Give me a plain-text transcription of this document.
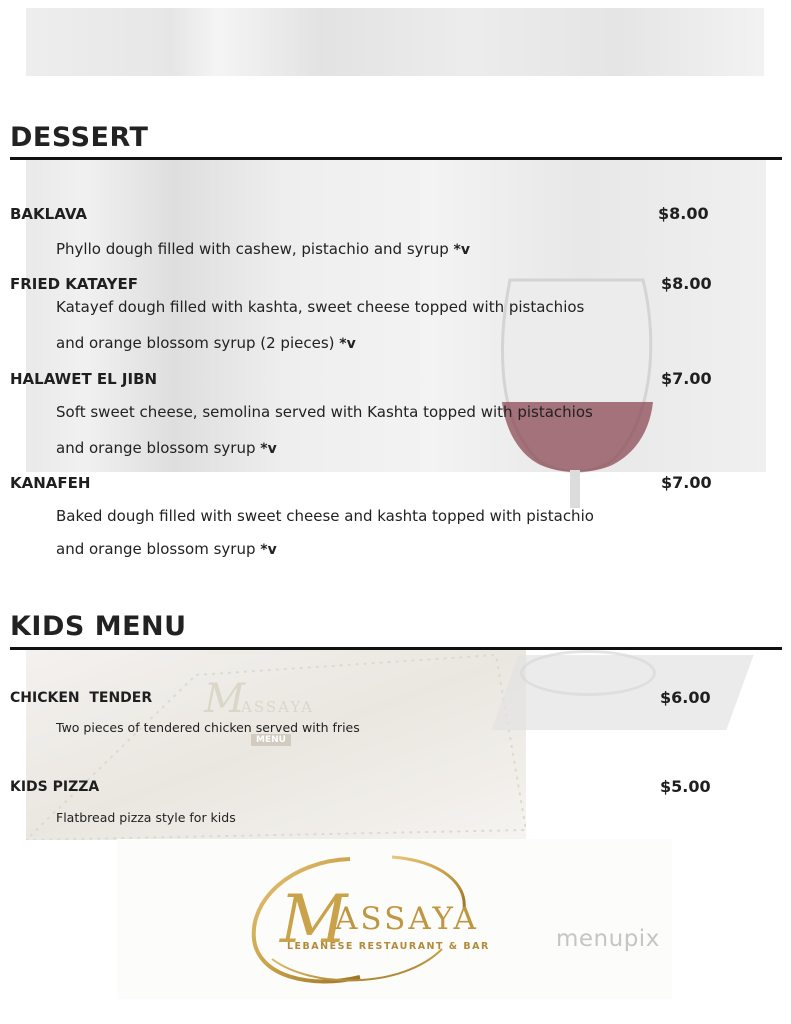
M
ASSAYA
MENU
DESSERT
BAKLAVA	$8.00
Phyllo dough filled with cashew, pistachio and syrup *v
FRIED KATAYEF	$8.00
Katayef dough filled with kashta, sweet cheese topped with pistachios
and orange blossom syrup (2 pieces) *v
HALAWET EL JIBN	$7.00
Soft sweet cheese, semolina served with Kashta topped with pistachios
and orange blossom syrup *v
KANAFEH	$7.00
Baked dough filled with sweet cheese and kashta topped with pistachio
and orange blossom syrup *v
KIDS MENU
CHICKEN  TENDER	$6.00
Two pieces of tendered chicken served with fries
KIDS PIZZA	$5.00
Flatbread pizza style for kids
M
ASSAYA
LEBANESE RESTAURANT & BAR	menupix
